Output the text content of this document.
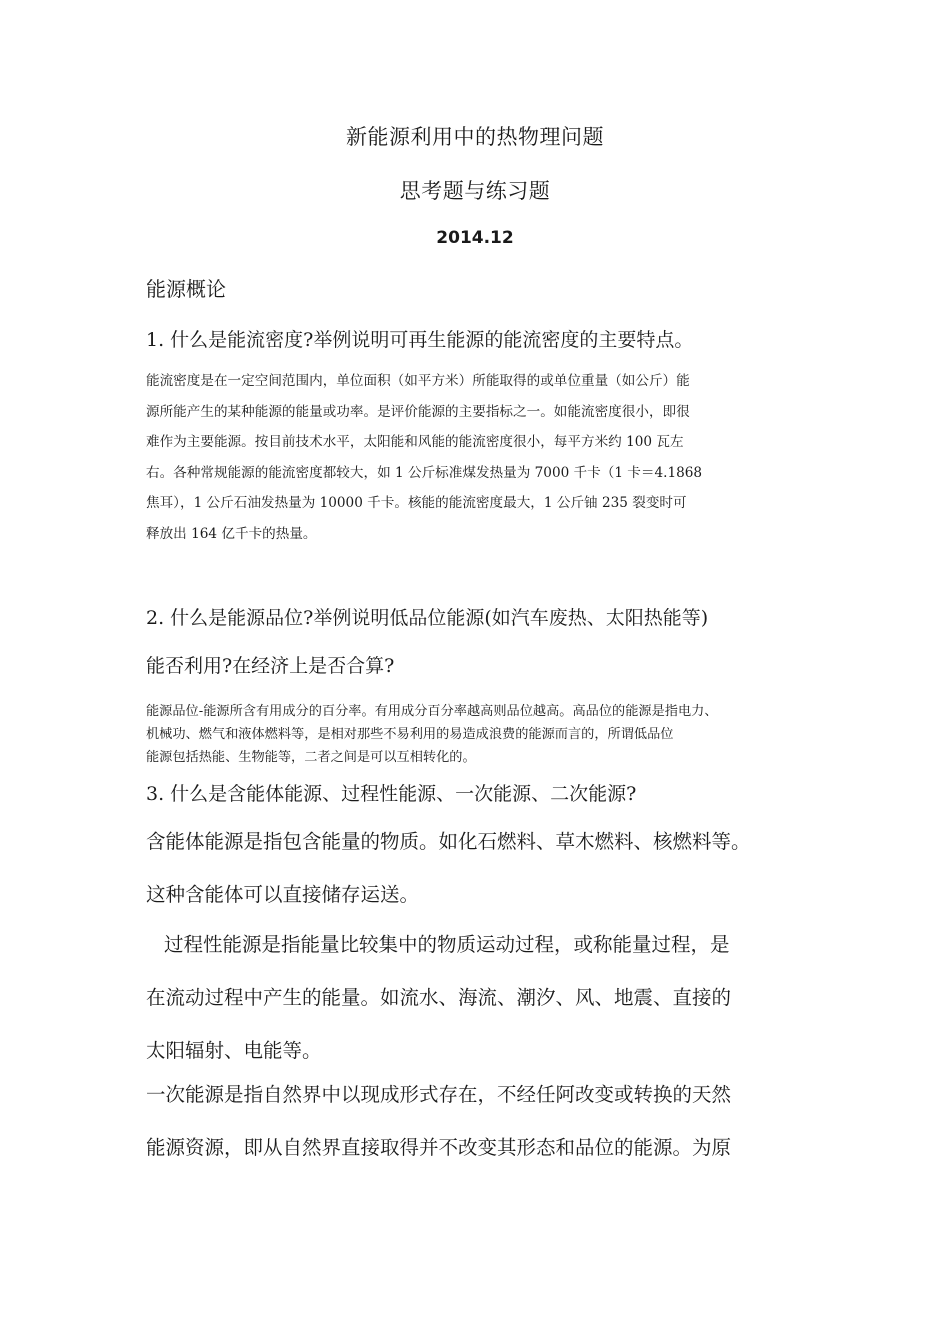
新能源利用中的热物理问题
思考题与练习题
2014.12
能源概论
1. 什么是能流密度?举例说明可再生能源的能流密度的主要特点。
能流密度是在一定空间范围内，单位面积（如平方米）所能取得的或单位重量（如公斤）能
源所能产生的某种能源的能量或功率。是评价能源的主要指标之一。如能流密度很小，即很
难作为主要能源。按目前技术水平，太阳能和风能的能流密度很小，每平方米约 100 瓦左
右。各种常规能源的能流密度都较大，如 1 公斤标准煤发热量为 7000 千卡（1 卡＝4.1868
焦耳），1 公斤石油发热量为 10000 千卡。核能的能流密度最大，1 公斤铀 235 裂变时可
释放出 164 亿千卡的热量。
2. 什么是能源品位?举例说明低品位能源(如汽车废热、太阳热能等)
能否利用?在经济上是否合算?
能源品位-能源所含有用成分的百分率。有用成分百分率越高则品位越高。高品位的能源是指电力、
机械功、燃气和液体燃料等，是相对那些不易利用的易造成浪费的能源而言的，所谓低品位
能源包括热能、生物能等，二者之间是可以互相转化的。
3. 什么是含能体能源、过程性能源、一次能源、二次能源?
含能体能源是指包含能量的物质。如化石燃料、草木燃料、核燃料等。
这种含能体可以直接储存运送。
过程性能源是指能量比较集中的物质运动过程，或称能量过程，是
在流动过程中产生的能量。如流水、海流、潮汐、风、地震、直接的
太阳辐射、电能等。
一次能源是指自然界中以现成形式存在，不经任阿改变或转换的天然
能源资源，即从自然界直接取得并不改变其形态和品位的能源。为原
